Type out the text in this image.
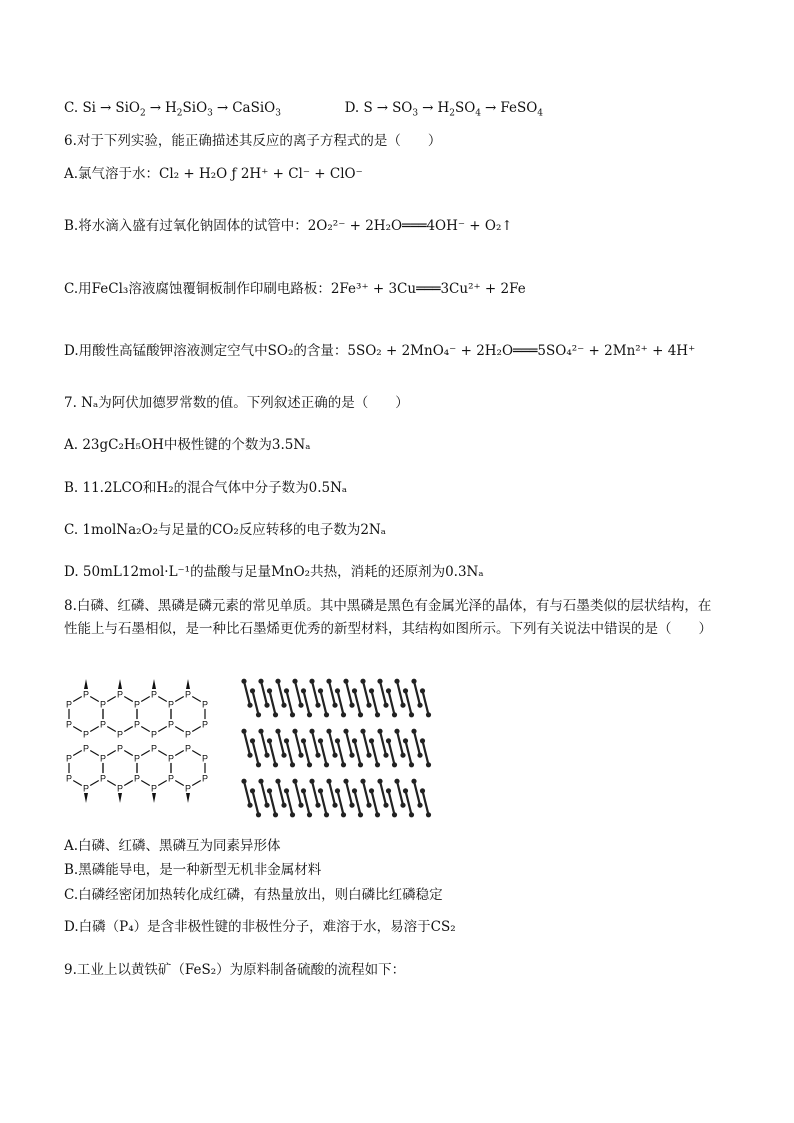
C. $Si \to SiO_2 \to H_2SiO_3$ → CaSiO$_3$	D. $S \to SO_3 \to H_2SO_4$ → FeSO$_4$
6.对于下列实验，能正确描述其反应的离子方程式的是（　　）
A.氯气溶于水：Cl₂ + H₂O ƒ 2H⁺ + Cl⁻ + ClO⁻
B.将水滴入盛有过氧化钠固体的试管中：2O₂²⁻ + 2H₂O═══4OH⁻ + O₂↑
C.用FeCl₃溶液腐蚀覆铜板制作印刷电路板：2Fe³⁺ + 3Cu═══3Cu²⁺ + 2Fe
D.用酸性高锰酸钾溶液测定空气中SO₂的含量：5SO₂ + 2MnO₄⁻ + 2H₂O═══5SO₄²⁻ + 2Mn²⁺ + 4H⁺
7. Nₐ为阿伏加德罗常数的值。下列叙述正确的是（　　）
A. 23gC₂H₅OH中极性键的个数为3.5Nₐ
B. 11.2LCO和H₂的混合气体中分子数为0.5Nₐ
C. 1molNa₂O₂与足量的CO₂反应转移的电子数为2Nₐ
D. 50mL12mol·L⁻¹的盐酸与足量MnO₂共热，消耗的还原剂为0.3Nₐ
8.白磷、红磷、黑磷是磷元素的常见单质。其中黑磷是黑色有金属光泽的晶体，有与石墨类似的层状结构，在性能上与石墨相似，是一种比石墨烯更优秀的新型材料，其结构如图所示。下列有关说法中错误的是（　　）
P
P
P
P
P
P
P
P
P
P
P
P
P
P
P
P
P
P
P
P
P
P
P
P
P
P
P
P
P
P
P
P
P
P
P
P
A.白磷、红磷、黑磷互为同素异形体
B.黑磷能导电，是一种新型无机非金属材料
C.白磷经密闭加热转化成红磷，有热量放出，则白磷比红磷稳定
D.白磷（P₄）是含非极性键的非极性分子，难溶于水，易溶于CS₂
9.工业上以黄铁矿（FeS₂）为原料制备硫酸的流程如下：
